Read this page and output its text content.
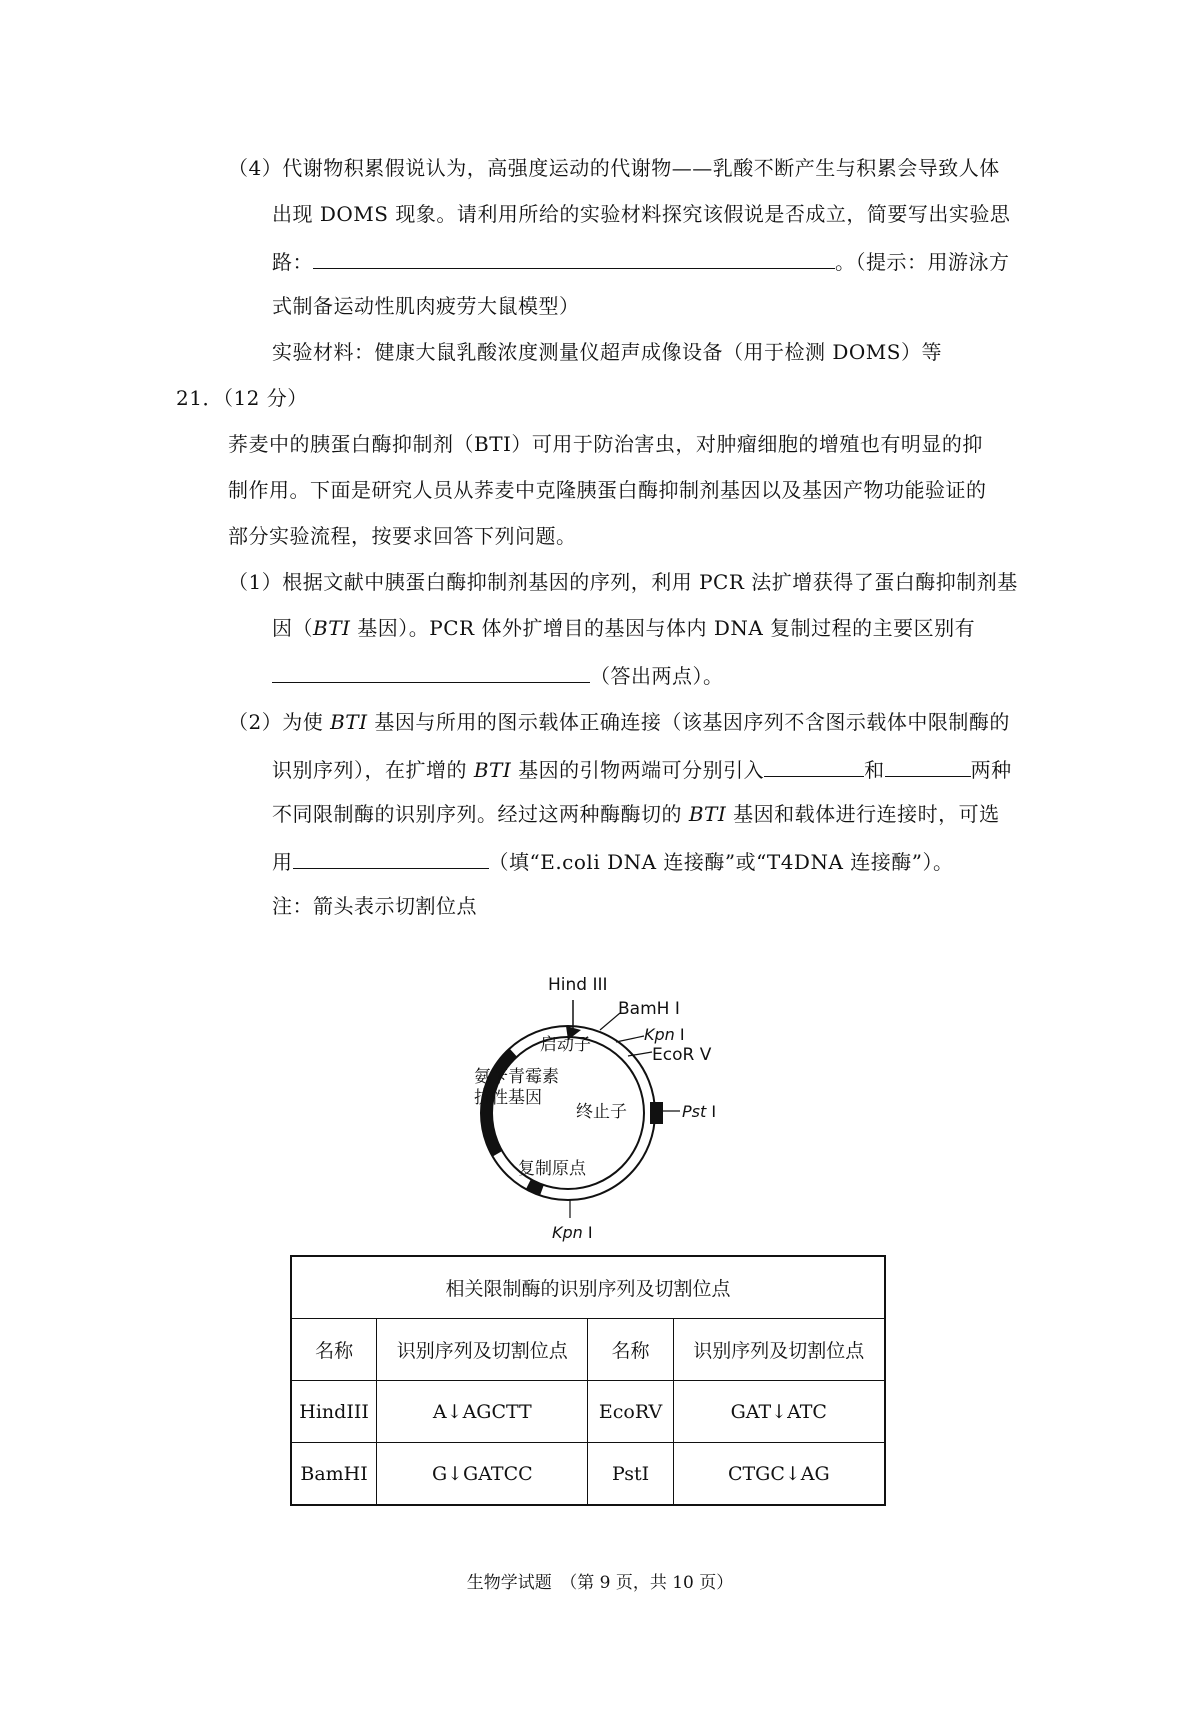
（4）代谢物积累假说认为，高强度运动的代谢物——乳酸不断产生与积累会导致人体
出现 DOMS 现象。请利用所给的实验材料探究该假说是否成立，简要写出实验思
路：	。（提示：用游泳方
式制备运动性肌肉疲劳大鼠模型）
实验材料：健康大鼠乳酸浓度测量仪超声成像设备（用于检测 DOMS）等
21．（12 分）
荞麦中的胰蛋白酶抑制剂（BTI）可用于防治害虫，对肿瘤细胞的增殖也有明显的抑
制作用。下面是研究人员从荞麦中克隆胰蛋白酶抑制剂基因以及基因产物功能验证的
部分实验流程，按要求回答下列问题。
（1）根据文献中胰蛋白酶抑制剂基因的序列，利用 PCR 法扩增获得了蛋白酶抑制剂基
因（BTI 基因）。PCR 体外扩增目的基因与体内 DNA 复制过程的主要区别有
（答出两点）。
（2）为使 BTI 基因与所用的图示载体正确连接（该基因序列不含图示载体中限制酶的
识别序列），在扩增的 BTI 基因的引物两端可分别引入	和	两种
不同限制酶的识别序列。经过这两种酶酶切的 BTI 基因和载体进行连接时，可选
用	（填“E.coli DNA 连接酶”或“T4DNA 连接酶”）。
注：箭头表示切割位点
Hind III
BamH I
Kpn I
EcoR V
Pst I
Kpn I
启动子
氨苄青霉素
抗性基因
终止子
复制原点
相关限制酶的识别序列及切割位点			
名称	识别序列及切割位点	名称	识别序列及切割位点
HindIII	A↓AGCTT	EcoRV	GAT↓ATC
BamHI	G↓GATCC	PstI	CTGC↓AG
生物学试题　（第 9 页，共 10 页）
